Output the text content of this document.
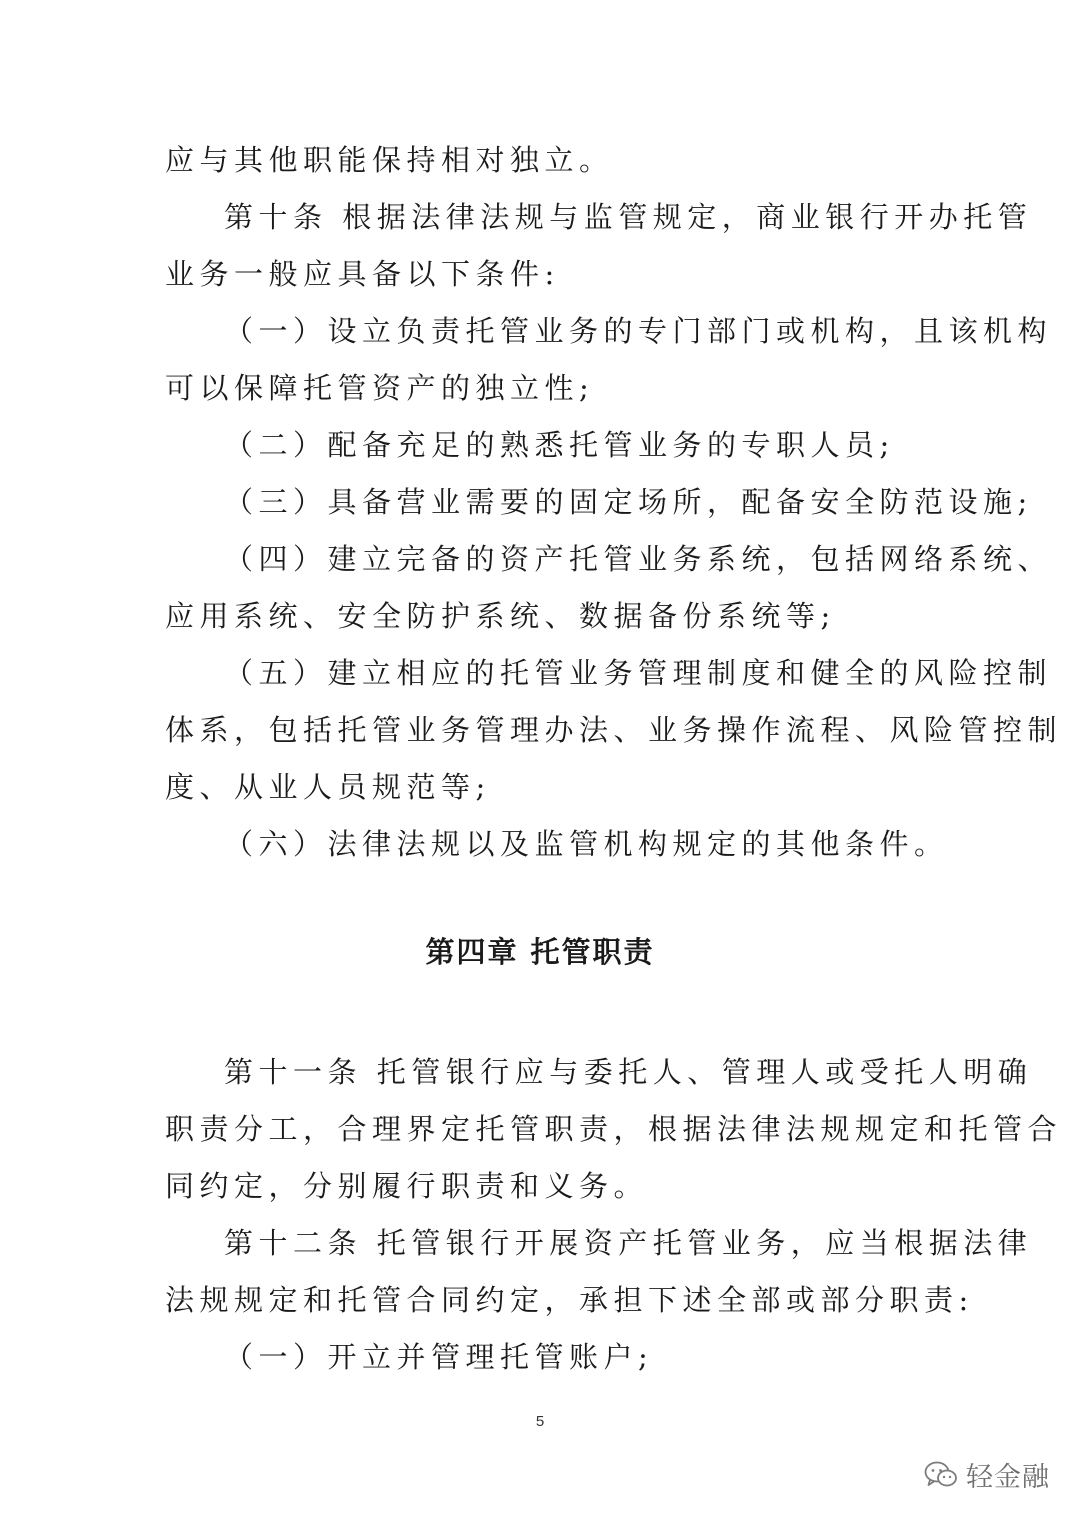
应与其他职能保持相对独立。
第十条 根据法律法规与监管规定，商业银行开办托管
业务一般应具备以下条件:
（一）设立负责托管业务的专门部门或机构，且该机构
可以保障托管资产的独立性;
（二）配备充足的熟悉托管业务的专职人员;
（三）具备营业需要的固定场所，配备安全防范设施;
（四）建立完备的资产托管业务系统，包括网络系统、
应用系统、安全防护系统、数据备份系统等;
（五）建立相应的托管业务管理制度和健全的风险控制
体系，包括托管业务管理办法、业务操作流程、风险管控制
度、从业人员规范等;
（六）法律法规以及监管机构规定的其他条件。
第四章 托管职责
第十一条 托管银行应与委托人、管理人或受托人明确
职责分工，合理界定托管职责，根据法律法规规定和托管合
同约定，分别履行职责和义务。
第十二条 托管银行开展资产托管业务，应当根据法律
法规规定和托管合同约定，承担下述全部或部分职责:
（一）开立并管理托管账户;
5
轻金融
